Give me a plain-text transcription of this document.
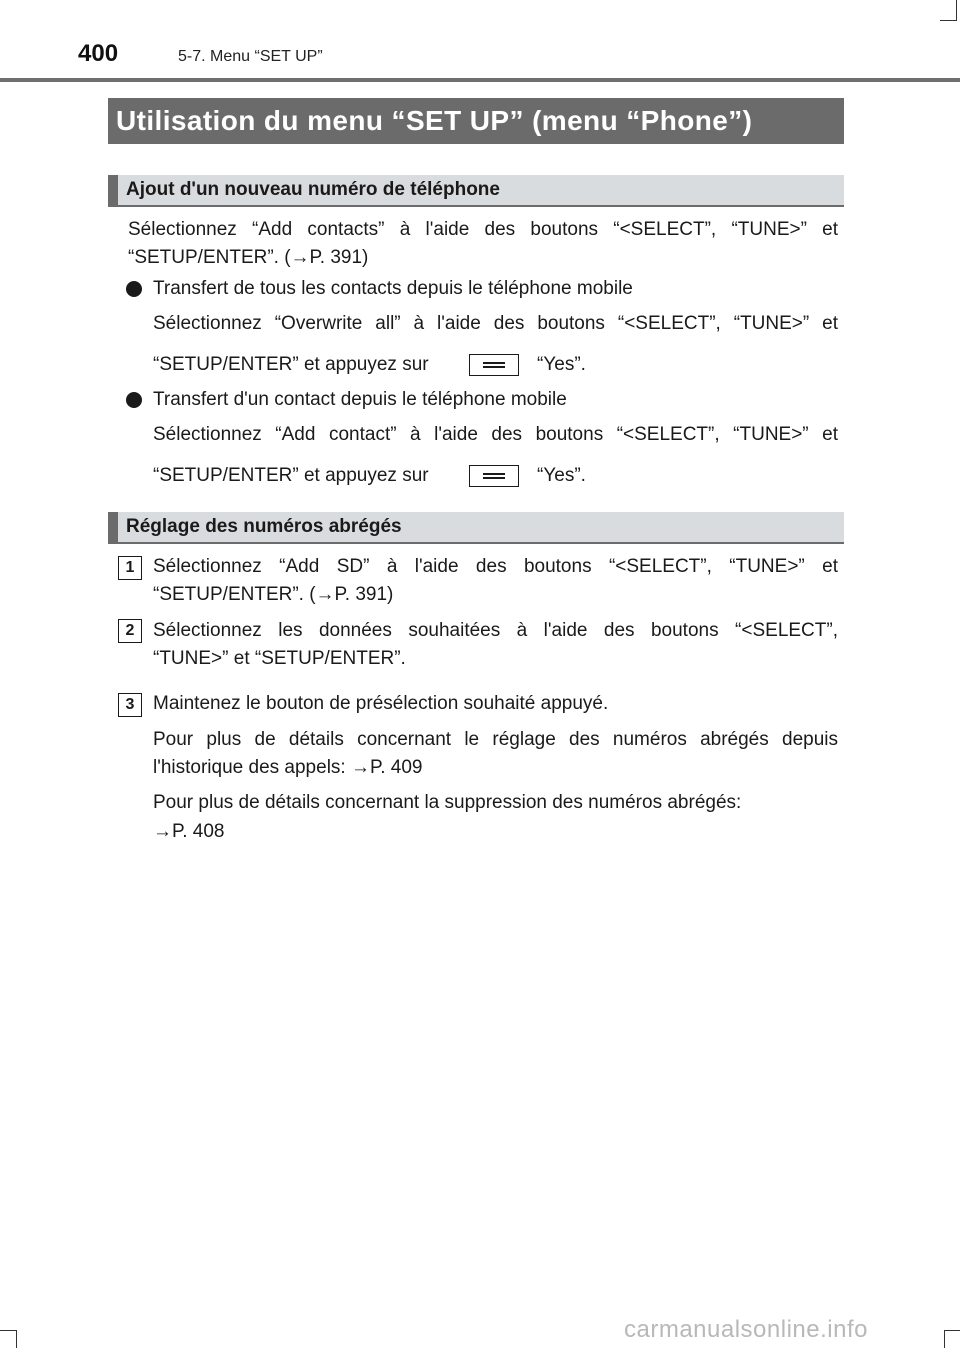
400	5-7. Menu “SET UP”
Utilisation du menu “SET UP” (menu “Phone”)
Ajout d'un nouveau numéro de téléphone
Sélectionnez “Add contacts” à l'aide des boutons “<SELECT”, “TUNE>” et
“SETUP/ENTER”. (→P. 391)
Transfert de tous les contacts depuis le téléphone mobile
Sélectionnez “Overwrite all” à l'aide des boutons “<SELECT”, “TUNE>” et
“SETUP/ENTER” et appuyez sur	“Yes”.
Transfert d'un contact depuis le téléphone mobile
Sélectionnez “Add contact” à l'aide des boutons “<SELECT”, “TUNE>” et
“SETUP/ENTER” et appuyez sur	“Yes”.
Réglage des numéros abrégés
1 Sélectionnez “Add SD” à l'aide des boutons “<SELECT”, “TUNE>” et
“SETUP/ENTER”. (→P. 391)
2 Sélectionnez les données souhaitées à l'aide des boutons “<SELECT”,
“TUNE>” et “SETUP/ENTER”.
3 Maintenez le bouton de présélection souhaité appuyé.
Pour plus de détails concernant le réglage des numéros abrégés depuis
l'historique des appels: →P. 409
Pour plus de détails concernant la suppression des numéros abrégés:
→P. 408
carmanualsonline.info
